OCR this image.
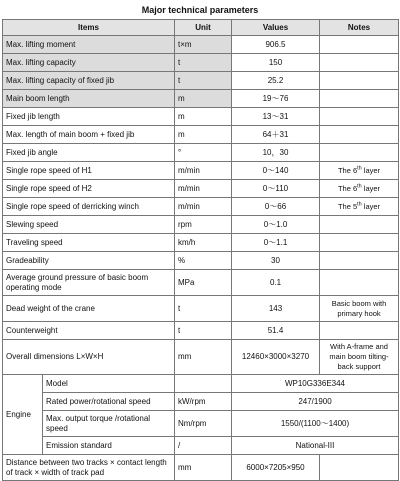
Major technical parameters
Items		Unit	Values	Notes
Max. lifting moment		t×m	906.5	
Max. lifting capacity		t	150	
Max. lifting capacity of fixed jib		t	25.2	
Main boom length		m	19～76	
Fixed jib length		m	13～31	
Max. length of main boom + fixed jib		m	64＋31	
Fixed jib angle		°	10，30	
Single rope speed of H1		m/min	0～140	The 6th layer
Single rope speed of H2		m/min	0～110	The 6th layer
Single rope speed of derricking winch		m/min	0～66	The 5th layer
Slewing speed		rpm	0～1.0	
Traveling speed		km/h	0～1.1	
Gradeability		%	30	
Average ground pressure of basic boom operating mode		MPa	0.1	
Dead weight of the crane		t	143	Basic boom with primary hook
Counterweight		t	51.4	
Overall dimensions L×W×H		mm	12460×3000×3270	With A-frame and main boom tilting-back support
Engine	Model		WP10G336E344	
	Rated power/rotational speed	kW/rpm	247/1900	
	Max. output torque /rotational speed	Nm/rpm	1550/(1100～1400)	
	Emission standard	/	National-III	
Distance between two tracks × contact length of track × width of track pad		mm	6000×7205×950	
